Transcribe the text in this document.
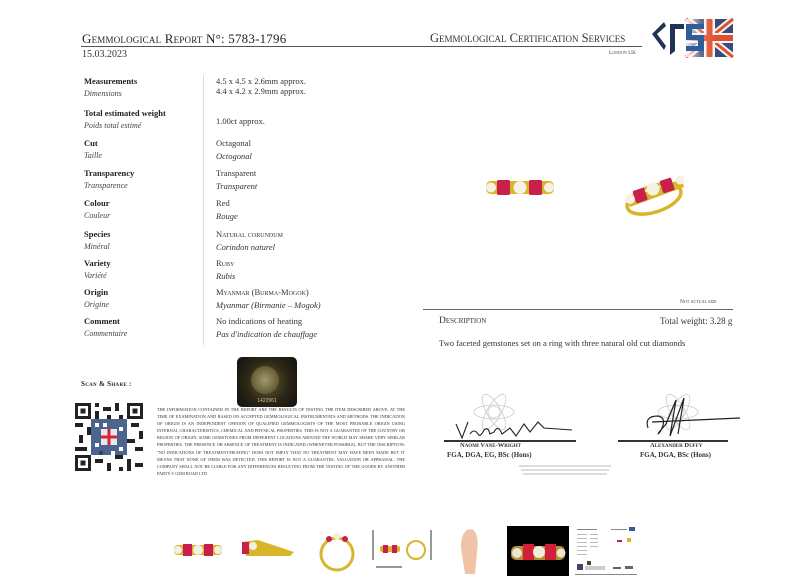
Gemmological Report N°: 5783-1796
15.03.2023
Gemmological Certification Services
London UK
Measurements
Dimensions
4.5 x 4.5 x 2.6mm approx.
4.4 x 4.2 x 2.9mm approx.
Total estimated weight
Poids total estimé	1.00ct approx.
Cut
Taille
Octagonal
Octogonal
Transparency
Transparence
Transparent
Transparent
Colour
Couleur
Red
Rouge
Species
Minéral
Natural corundum
Corindon naturel
Variety
Variété
Ruby
Rubis
Origin
Origine
Myanmar (Burma-Mogok)
Myanmar (Birmanie – Mogok)
Comment
Commentaire
No indications of heating
Pas d'indication de chauffage
Scan & Share :
1422961
THE INFORMATION CONTAINED IN THE REPORT ARE THE RESULTS OF TESTING THE ITEM DESCRIBED ABOVE, AT THE TIME OF EXAMINATION AND BASED ON ACCEPTED GEMMOLOGICAL INSTRUMENTATS AND METHODS. THE INDICATION OF ORIGIN IS AN INDEPENDENT OPINION OF QUALIFIED GEMMOLOGISTS OF THE MOST PROBABLE ORIGIN USING INTERNAL CHARACTERISTICS, CHEMICAL AND PHYSICAL PROPERTIES. THIS IS NOT A GUARANTEE OF THE COUNTRY OR REGION OF ORIGIN. SOME GEMSTONES FROM DIFFERENT LOCATIONS AROUND THE WORLD MAY SHARE VERY SIMILAR PROPERTIES. THE PRESENCE OR ABSENCE OF TREATMENT IS INDICATED (WHENEVER POSSIBLE), BUT THE INSCRIPTION: "NO INDICATIONS OF TREATMENT/HEATING" DOES NOT IMPLY THAT NO TREATMENT MAY HAVE BEEN MADE BUT IT MEANS THAT NONE OF THEM WAS DETECTED. THIS REPORT IS NOT A GUARANTEE, VALUATION OR APPRAISAL. THE COMPANY SHALL NOT BE LIABLE FOR ANY DIFFERENCES RESULTING FROM THE TESTING OF THE GOODS BY ANOTHER PARTY.© GEM ROAD LTD
Not actual size
Description	Total weight: 3.28 g
Two faceted gemstones set on a ring with three natural old cut diamonds
Naomi Vane-Wright
FGA, DGA, EG, BSc (Hons)
Alexander Duffy
FGA, DGA, BSc (Hons)
